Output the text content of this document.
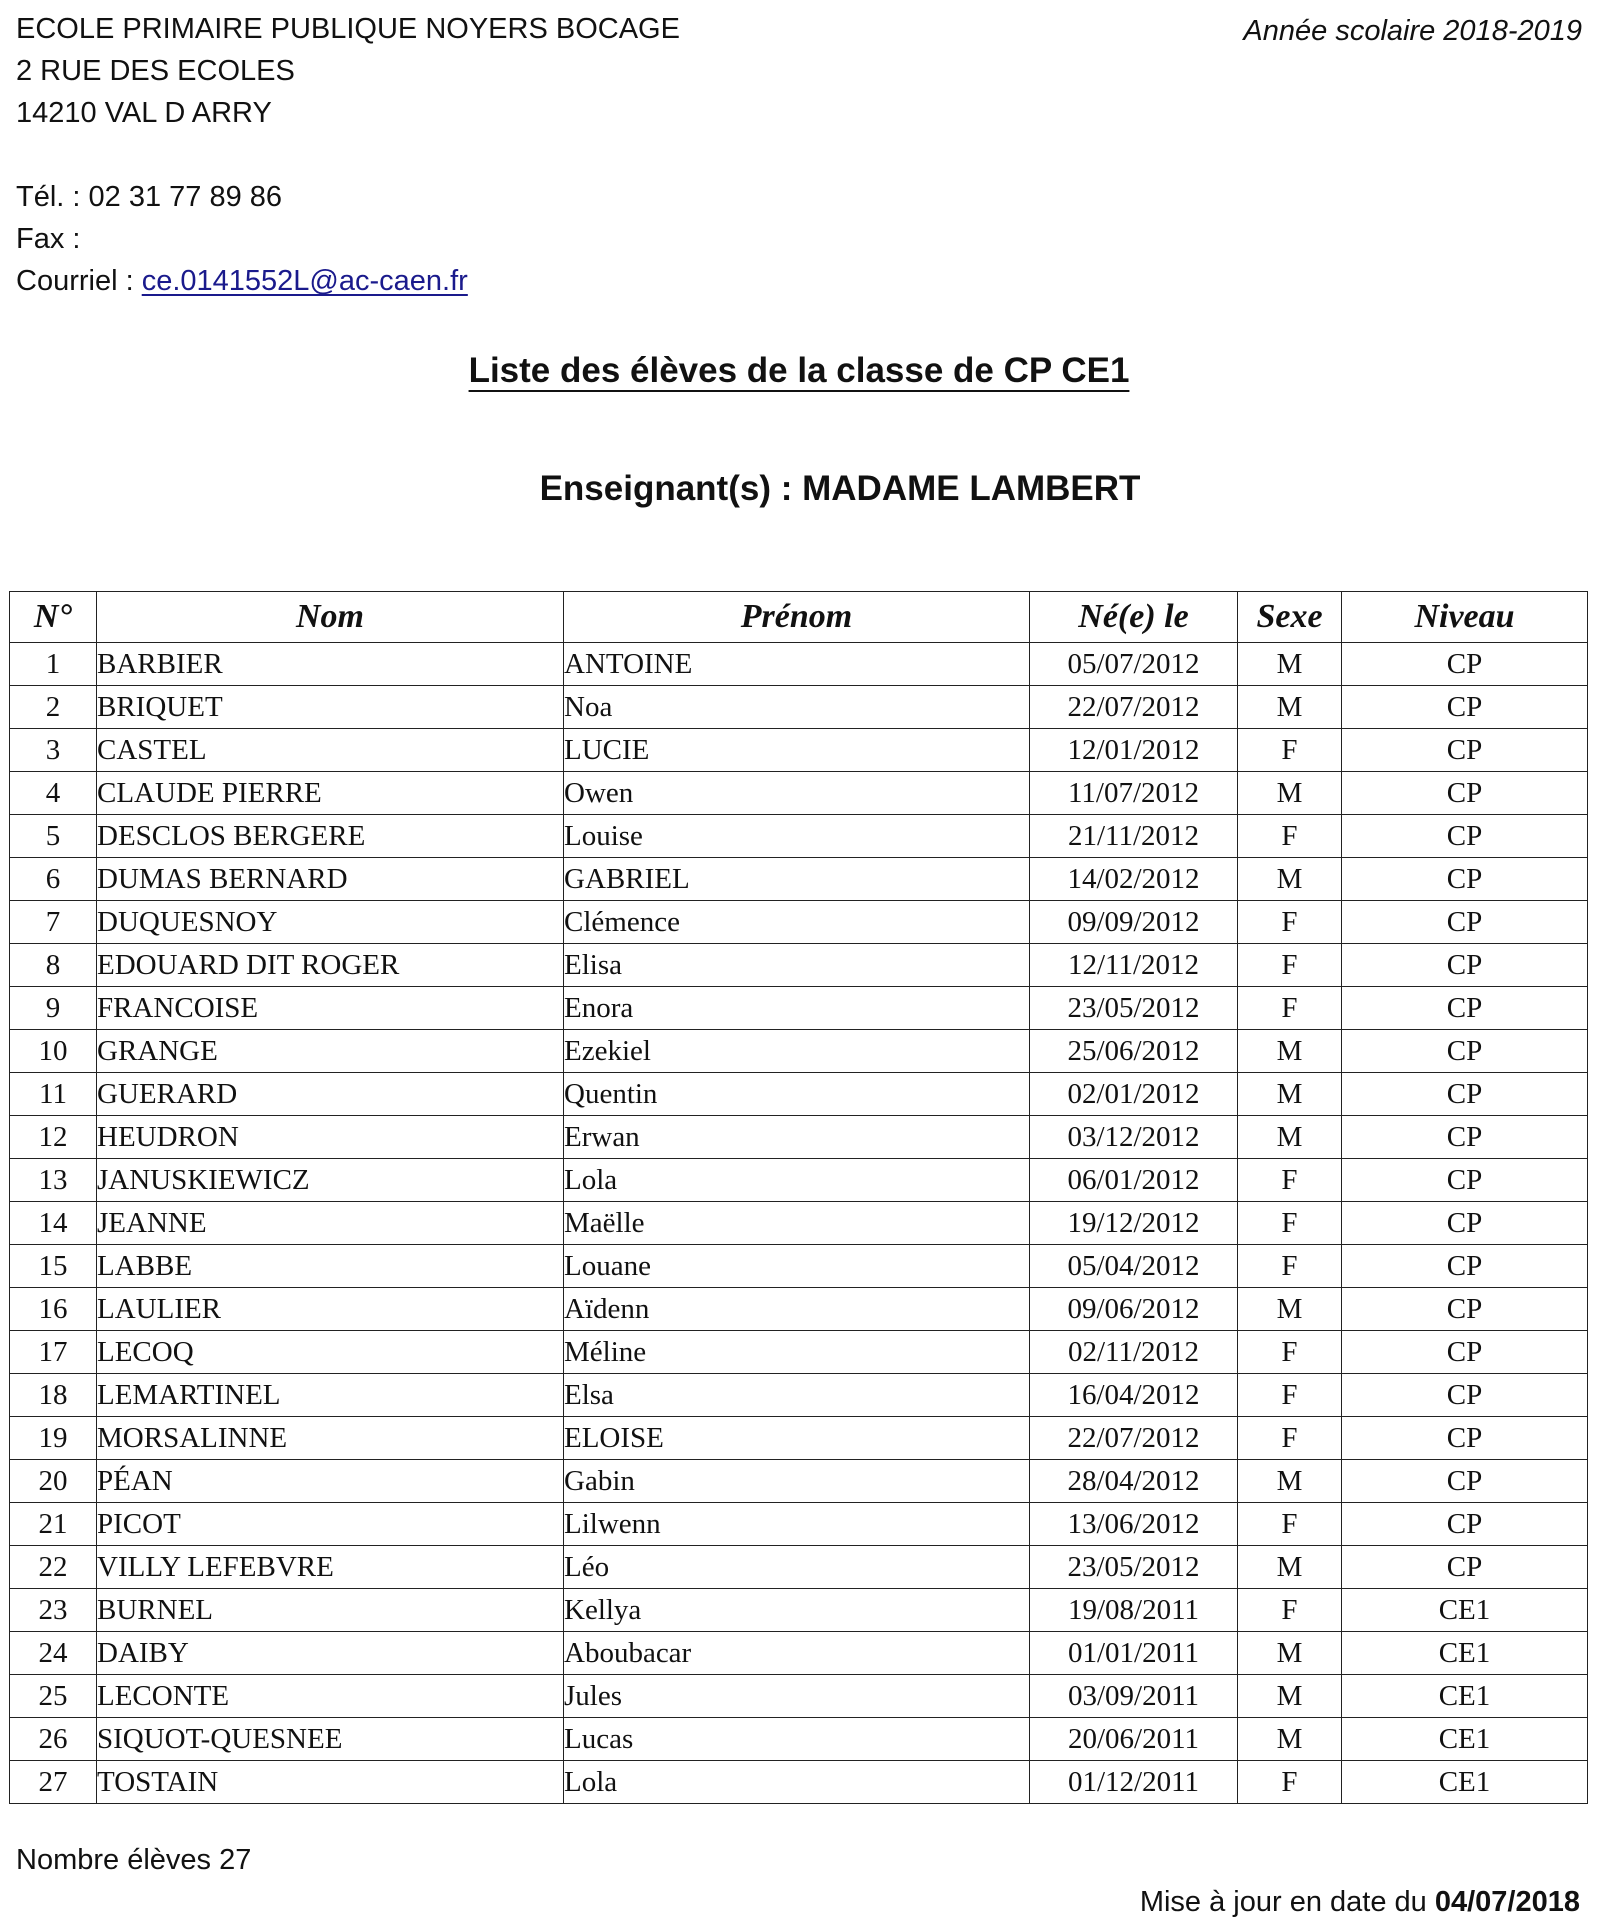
ECOLE PRIMAIRE PUBLIQUE NOYERS BOCAGE
2 RUE DES ECOLES
14210 VAL D ARRY
Tél. : 02 31 77 89 86
Fax :
Courriel : ce.0141552L@ac-caen.fr
Année scolaire 2018-2019
Liste des élèves de la classe de CP CE1
Enseignant(s) : MADAME LAMBERT
N°	Nom	Prénom	Né(e) le	Sexe	Niveau
1	BARBIER	ANTOINE	05/07/2012	M	CP
2	BRIQUET	Noa	22/07/2012	M	CP
3	CASTEL	LUCIE	12/01/2012	F	CP
4	CLAUDE PIERRE	Owen	11/07/2012	M	CP
5	DESCLOS BERGERE	Louise	21/11/2012	F	CP
6	DUMAS BERNARD	GABRIEL	14/02/2012	M	CP
7	DUQUESNOY	Clémence	09/09/2012	F	CP
8	EDOUARD DIT ROGER	Elisa	12/11/2012	F	CP
9	FRANCOISE	Enora	23/05/2012	F	CP
10	GRANGE	Ezekiel	25/06/2012	M	CP
11	GUERARD	Quentin	02/01/2012	M	CP
12	HEUDRON	Erwan	03/12/2012	M	CP
13	JANUSKIEWICZ	Lola	06/01/2012	F	CP
14	JEANNE	Maëlle	19/12/2012	F	CP
15	LABBE	Louane	05/04/2012	F	CP
16	LAULIER	Aïdenn	09/06/2012	M	CP
17	LECOQ	Méline	02/11/2012	F	CP
18	LEMARTINEL	Elsa	16/04/2012	F	CP
19	MORSALINNE	ELOISE	22/07/2012	F	CP
20	PÉAN	Gabin	28/04/2012	M	CP
21	PICOT	Lilwenn	13/06/2012	F	CP
22	VILLY LEFEBVRE	Léo	23/05/2012	M	CP
23	BURNEL	Kellya	19/08/2011	F	CE1
24	DAIBY	Aboubacar	01/01/2011	M	CE1
25	LECONTE	Jules	03/09/2011	M	CE1
26	SIQUOT-QUESNEE	Lucas	20/06/2011	M	CE1
27	TOSTAIN	Lola	01/12/2011	F	CE1
Nombre élèves 27
Mise à jour en date du 04/07/2018
